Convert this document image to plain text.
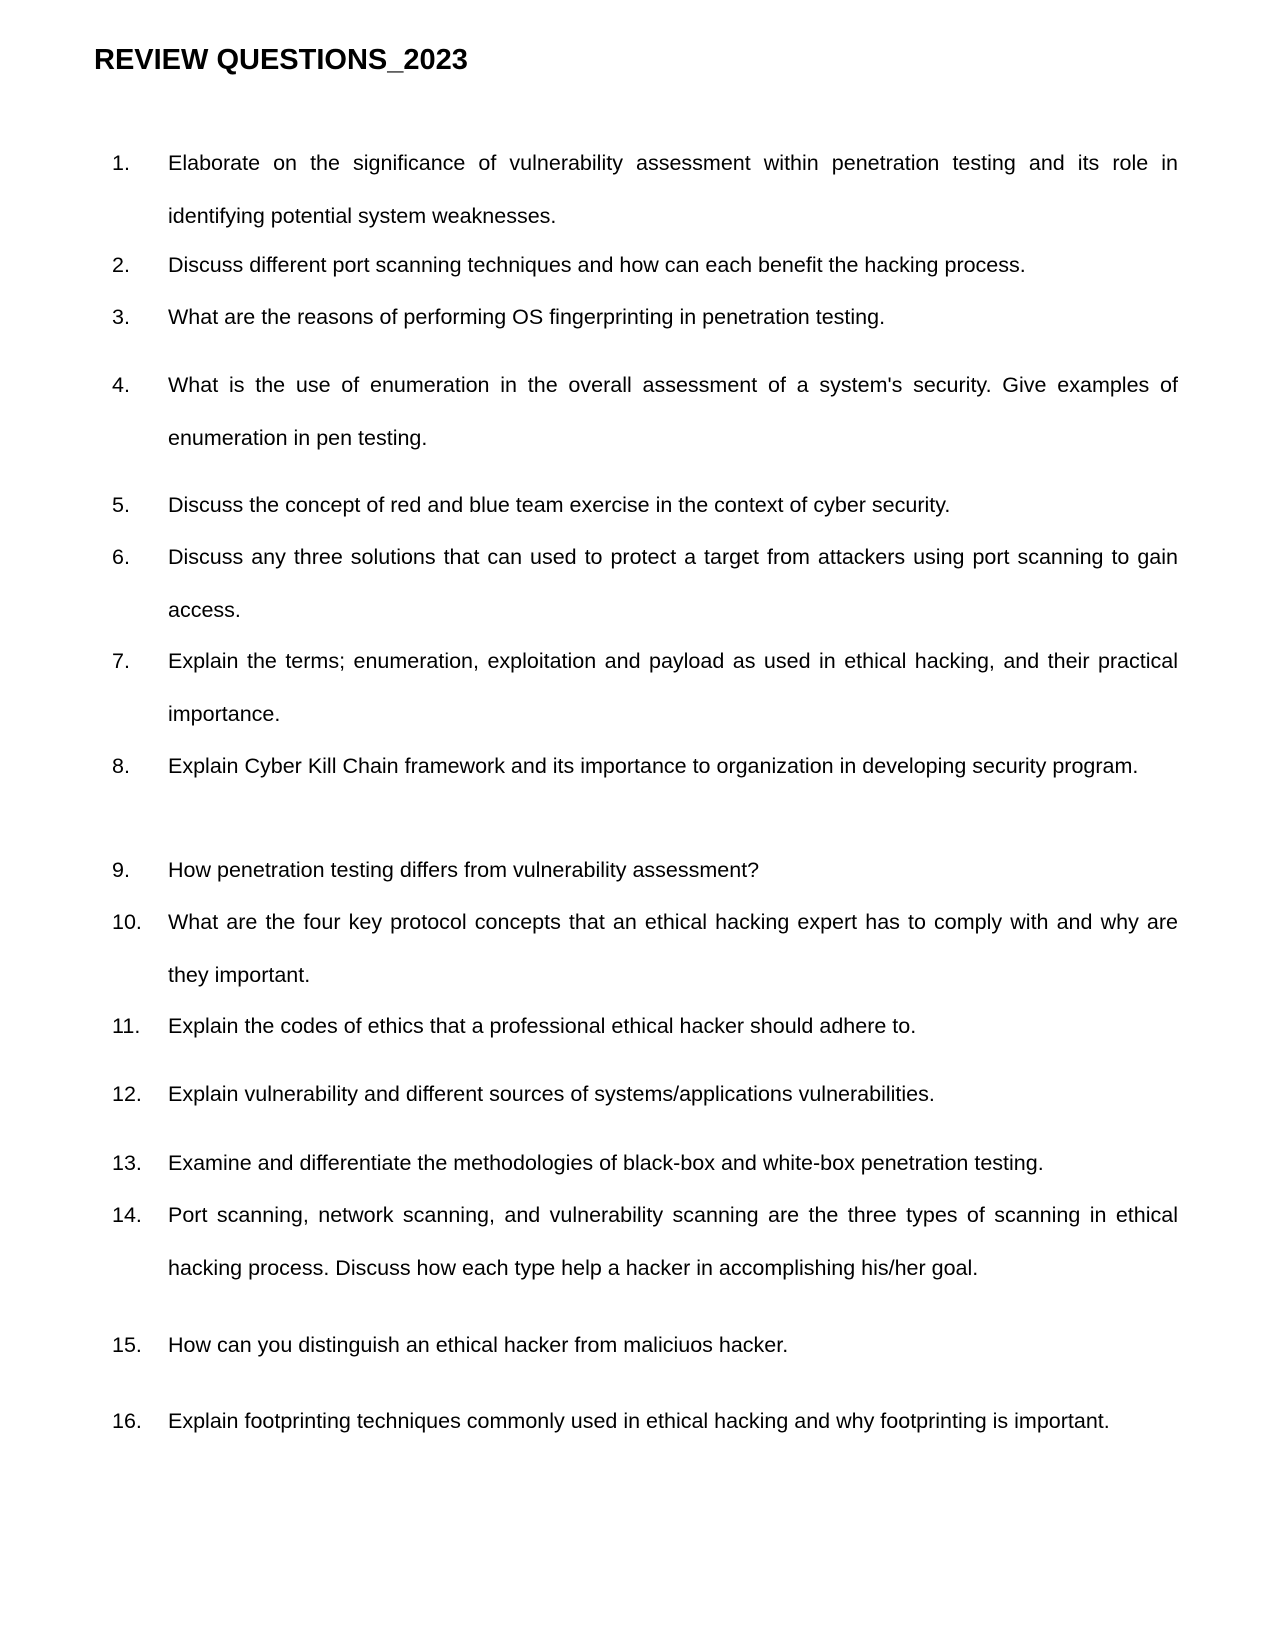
REVIEW QUESTIONS_2023
1. Elaborate on the significance of vulnerability assessment within penetration testing and its role in identifying potential system weaknesses.

2. Discuss different port scanning techniques and how can each benefit the hacking process.

3. What are the reasons of performing OS fingerprinting in penetration testing.

4. What is the use of enumeration in the overall assessment of a system's security. Give examples of enumeration in pen testing.

5. Discuss the concept of red and blue team exercise in the context of cyber security.

6. Discuss any three solutions that can used to protect a target from attackers using port scanning to gain access.

7. Explain the terms; enumeration, exploitation and payload as used in ethical hacking, and their practical importance.

8. Explain Cyber Kill Chain framework and its importance to organization in developing security program.

9. How penetration testing differs from vulnerability assessment?

10. What are the four key protocol concepts that an ethical hacking expert has to comply with and why are they important.

11. Explain the codes of ethics that a professional ethical hacker should adhere to.

12. Explain vulnerability and different sources of systems/applications vulnerabilities.

13. Examine and differentiate the methodologies of black-box and white-box penetration testing.

14. Port scanning, network scanning, and vulnerability scanning are the three types of scanning in ethical hacking process. Discuss how each type help a hacker in accomplishing his/her goal.

15. How can you distinguish an ethical hacker from maliciuos hacker.

16. Explain footprinting techniques commonly used in ethical hacking and why footprinting is important.
